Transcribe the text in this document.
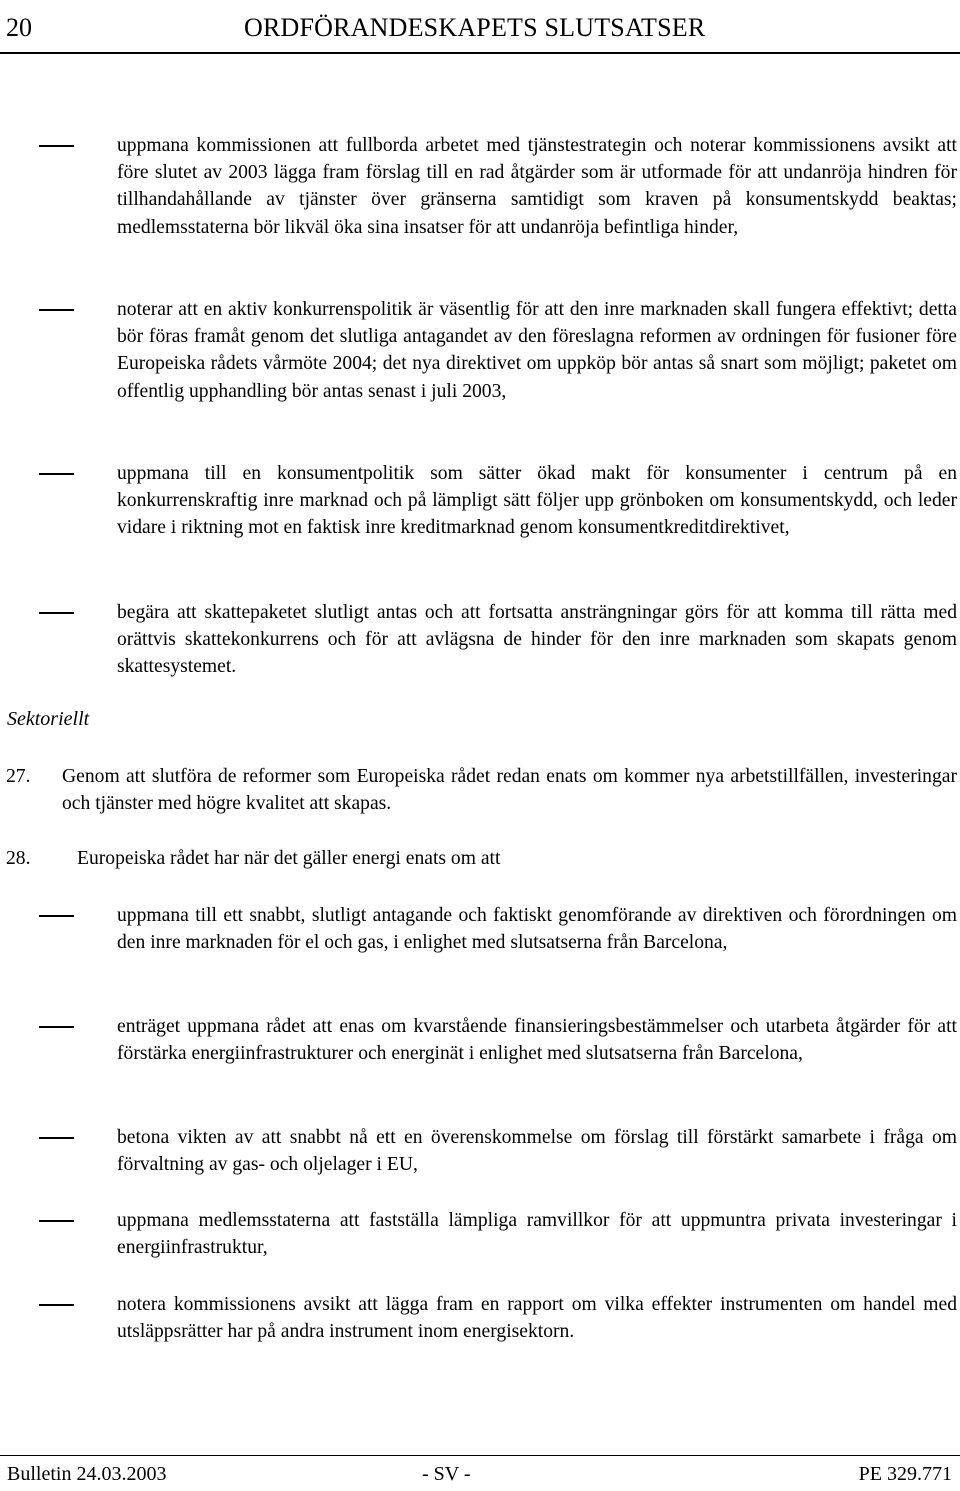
20	ORDFÖRANDESKAPETS SLUTSATSER
uppmana kommissionen att fullborda arbetet med tjänstestrategin och noterar kommissionens avsikt att före slutet av 2003 lägga fram förslag till en rad åtgärder som är utformade för att undanröja hindren för tillhandahållande av tjänster över gränserna samtidigt som kraven på konsumentskydd beaktas; medlemsstaterna bör likväl öka sina insatser för att undanröja befintliga hinder,
noterar att en aktiv konkurrenspolitik är väsentlig för att den inre marknaden skall fungera effektivt; detta bör föras framåt genom det slutliga antagandet av den föreslagna reformen av ordningen för fusioner före Europeiska rådets vårmöte 2004; det nya direktivet om uppköp bör antas så snart som möjligt; paketet om offentlig upphandling bör antas senast i juli 2003,
uppmana till en konsumentpolitik som sätter ökad makt för konsumenter i centrum på en konkurrenskraftig inre marknad och på lämpligt sätt följer upp grönboken om konsumentskydd, och leder vidare i riktning mot en faktisk inre kreditmarknad genom konsumentkreditdirektivet,
begära att skattepaketet slutligt antas och att fortsatta ansträngningar görs för att komma till rätta med orättvis skattekonkurrens och för att avlägsna de hinder för den inre marknaden som skapats genom skattesystemet.
Sektoriellt
27. Genom att slutföra de reformer som Europeiska rådet redan enats om kommer nya arbetstillfällen, investeringar och tjänster med högre kvalitet att skapas.
28. Europeiska rådet har när det gäller energi enats om att
uppmana till ett snabbt, slutligt antagande och faktiskt genomförande av direktiven och förordningen om den inre marknaden för el och gas, i enlighet med slutsatserna från Barcelona,
enträget uppmana rådet att enas om kvarstående finansieringsbestämmelser och utarbeta åtgärder för att förstärka energiinfrastrukturer och energinät i enlighet med slutsatserna från Barcelona,
betona vikten av att snabbt nå ett en överenskommelse om förslag till förstärkt samarbete i fråga om förvaltning av gas- och oljelager i EU,
uppmana medlemsstaterna att fastställa lämpliga ramvillkor för att uppmuntra privata investeringar i energiinfrastruktur,
notera kommissionens avsikt att lägga fram en rapport om vilka effekter instrumenten om handel med utsläppsrätter har på andra instrument inom energisektorn.
Bulletin 24.03.2003	- SV -	PE 329.771
